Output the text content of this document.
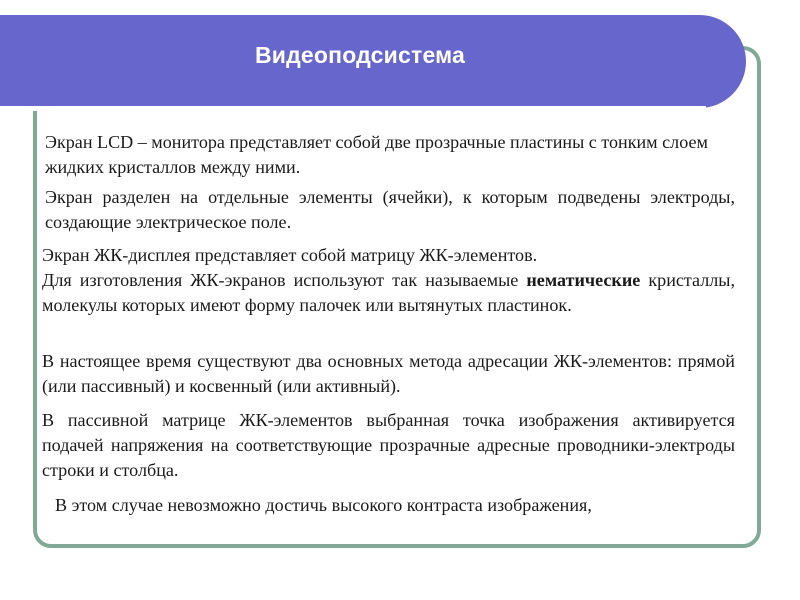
Видеоподсистема

Экран LCD – монитора представляет собой две прозрачные пластины с тонким слоем жидких кристаллов между ними.

Экран разделен на отдельные элементы (ячейки), к которым подведены электроды, создающие электрическое поле.

Экран ЖК-дисплея представляет собой матрицу ЖК-элементов.

Для изготовления ЖК-экранов используют так называемые нематические кристаллы, молекулы которых имеют форму палочек или вытянутых пластинок.

В настоящее время существуют два основных метода адресации ЖК-элементов: прямой (или пассивный) и косвенный (или активный).

В пассивной матрице ЖК-элементов выбранная точка изображения активируется подачей напряжения на соответствующие прозрачные адресные проводники-электроды строки и столбца.

В этом случае невозможно достичь высокого контраста изображения,
